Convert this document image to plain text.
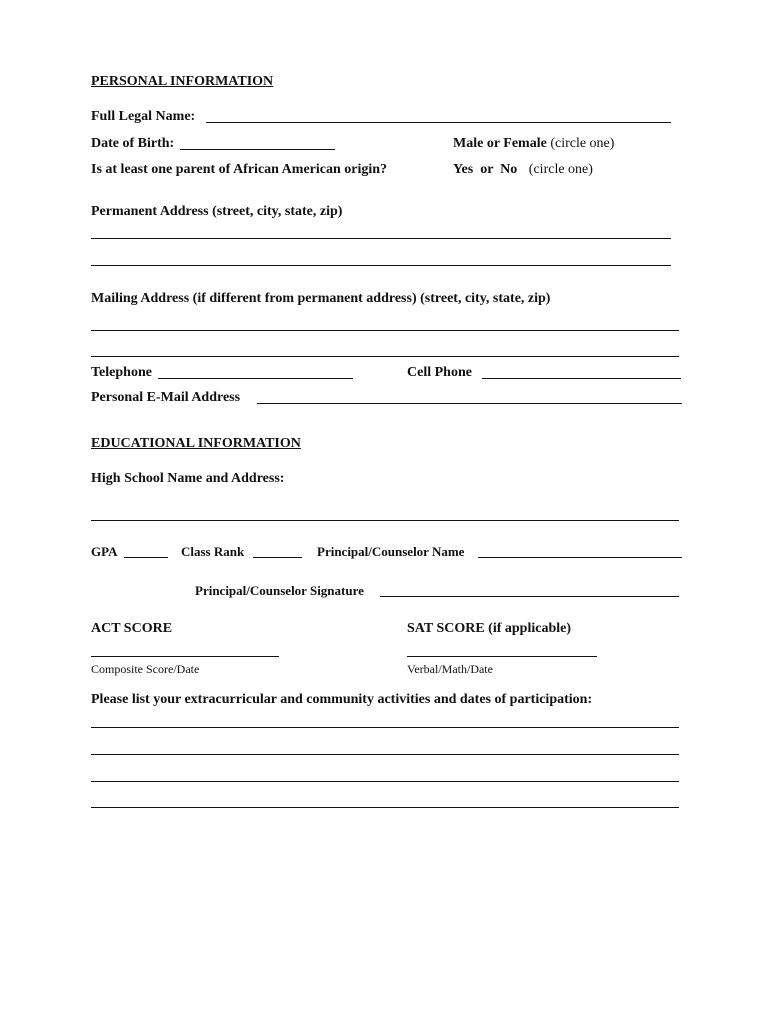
PERSONAL INFORMATION
Full Legal Name:
Date of Birth:	Male or Female (circle one)
Is at least one parent of African American origin?	Yes  or  No (circle one)
Permanent Address (street, city, state, zip)
Mailing Address (if different from permanent address) (street, city, state, zip)
Telephone	Cell Phone
Personal E-Mail Address
EDUCATIONAL INFORMATION
High School Name and Address:
GPA	Class Rank	Principal/Counselor Name
Principal/Counselor Signature
ACT SCORE
Composite Score/Date
SAT SCORE (if applicable)
Verbal/Math/Date
Please list your extracurricular and community activities and dates of participation:
